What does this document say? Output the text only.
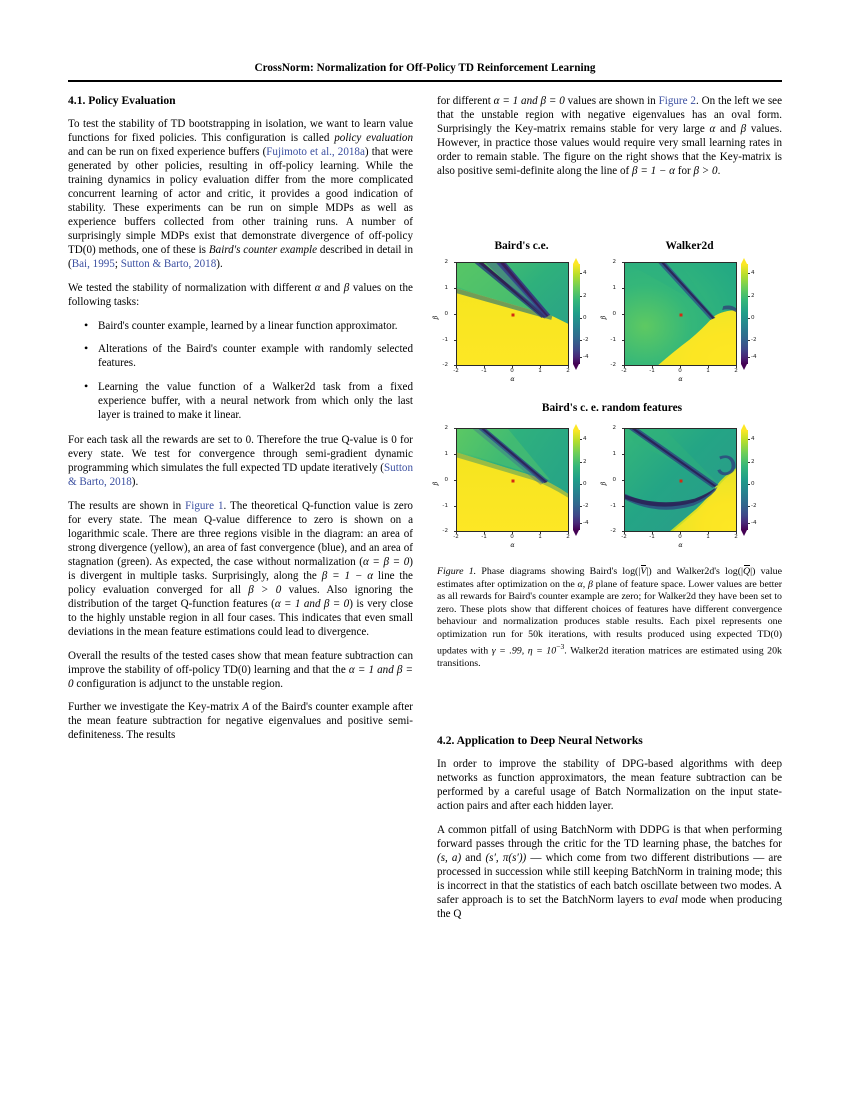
CrossNorm: Normalization for Off-Policy TD Reinforcement Learning
4.1. Policy Evaluation

To test the stability of TD bootstrapping in isolation, we want to learn value functions for fixed policies. This configuration is called policy evaluation and can be run on fixed experience buffers (Fujimoto et al., 2018a) that were generated by other policies, resulting in off-policy learning. While the training dynamics in policy evaluation differ from the more complicated concurrent learning of actor and critic, it provides a good indication of stability. These experiments can be run on simple MDPs as well as experience buffers collected from other training runs. A number of surprisingly simple MDPs exist that demonstrate divergence of off-policy TD(0) methods, one of these is Baird's counter example described in detail in (Bai, 1995; Sutton & Barto, 2018).

We tested the stability of normalization with different α and β values on the following tasks:

• Baird's counter example, learned by a linear function approximator.
• Alterations of the Baird's counter example with randomly selected features.
• Learning the value function of a Walker2d task from a fixed experience buffer, with a neural network from which only the last layer is trained to make it linear.

For each task all the rewards are set to 0. Therefore the true Q-value is 0 for every state. We test for convergence through semi-gradient dynamic programming which simulates the full expected TD update iteratively (Sutton & Barto, 2018).

The results are shown in Figure 1. The theoretical Q-function value is zero for every state. The mean Q-value difference to zero is shown on a logarithmic scale. There are three regions visible in the diagram: an area of strong divergence (yellow), an area of fast convergence (blue), and an area of stagnation (green). As expected, the case without normalization (α = β = 0) is divergent in multiple tasks. Surprisingly, along the β = 1 − α line the policy evaluation converged for all β > 0 values. Also ignoring the distribution of the target Q-function features (α = 1 and β = 0) is very close to the highly unstable region in all four cases. This indicates that even small deviations in the mean feature estimations could lead to divergence.

Overall the results of the tested cases show that mean feature subtraction can improve the stability of off-policy TD(0) learning and that the α = 1 and β = 0 configuration is adjunct to the unstable region.

Further we investigate the Key-matrix A of the Baird's counter example after the mean feature subtraction for negative eigenvalues and positive semi-definiteness. The results

for different α = 1 and β = 0 values are shown in Figure 2. On the left we see that the unstable region with negative eigenvalues has an oval form. Surprisingly the Key-matrix remains stable for very large α and β values. However, in practice those values would require very small learning rates in order to remain stable. The figure on the right shows that the Key-matrix is also positive semi-definite along the line of β = 1 − α for β > 0.

Baird's c.e.	Walker2d
-2	-1	0	1	2
2
1
0
-1
-2
α
β
4
2
0
-2
-4
-2	-1	0	1	2
2
1
0
-1
-2
α
β
4
2
0
-2
-4
Baird's c. e. random features
-2	-1	0	1	2
2
1
0
-1
-2
α
β
4
2
0
-2
-4
-2	-1	0	1	2
2
1
0
-1
-2
α
β
4
2
0
-2
-4
Figure 1. Phase diagrams showing Baird's log(|
V|) and Walker2d's log(|
Q|) value estimates after optimization on the α, β plane of feature space. Lower values are better as all rewards for Baird's counter example are zero; for Walker2d they have been set to zero. These plots show that different choices of features have different convergence behaviour and normalization produces stable results. Each pixel represents one optimization run for 50k iterations, with results produced using expected TD(0) updates with γ = .99, $\eta = 10^{-3}$. Walker2d iteration matrices are estimated using 20k transitions.
4.2. Application to Deep Neural Networks

In order to improve the stability of DPG-based algorithms with deep networks as function approximators, the mean feature subtraction can be performed by a careful usage of Batch Normalization on the input state-action pairs and after each hidden layer.

A common pitfall of using BatchNorm with DDPG is that when performing forward passes through the critic for the TD learning phase, the batches for (s, a) and (s′, π(s′)) — which come from two different distributions — are processed in succession while still keeping BatchNorm in training mode; this is incorrect in that the statistics of each batch oscillate between two modes. A safer approach is to set the BatchNorm layers to eval mode when producing the Q
